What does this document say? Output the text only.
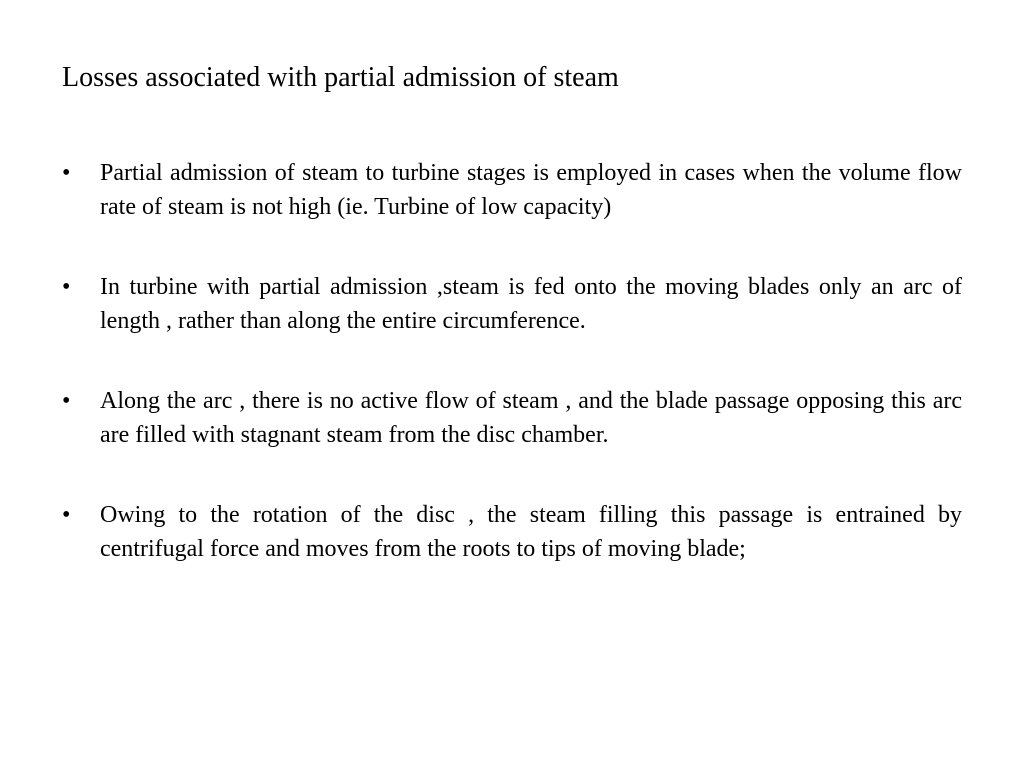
Losses associated with partial admission of steam
•	Partial admission of steam to turbine stages is employed in cases when the volume flow rate of steam is not high (ie. Turbine of low capacity)
•	In turbine with partial admission ,steam is fed onto the moving blades only an arc of length , rather than along the entire circumference.
•	Along the arc , there is no active flow of steam , and the blade passage opposing this arc are filled with stagnant steam from the disc chamber.
•	Owing to the rotation of the disc , the steam filling this passage is entrained by centrifugal force and moves from the roots to tips of moving blade;
